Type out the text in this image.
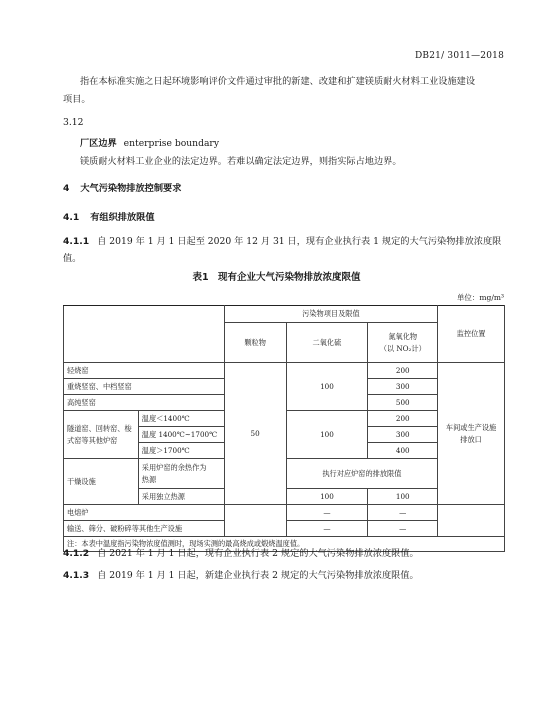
DB21/ 3011—2018
指在本标准实施之日起环境影响评价文件通过审批的新建、改建和扩建镁质耐火材料工业设施建设
项目。
3.12
厂区边界 enterprise boundary
镁质耐火材料工业企业的法定边界。若难以确定法定边界，则指实际占地边界。
4 大气污染物排放控制要求
4.1 有组织排放限值
4.1.1 自 2019 年 1 月 1 日起至 2020 年 12 月 31 日，现有企业执行表 1 规定的大气污染物排放浓度限
值。
表1　现有企业大气污染物排放浓度限值
单位：mg/m³
		污染物项目及限值			监控位置
		颗粒物	二氧化硫	氮氧化物
（以 NO₂计）	

轻烧窑		50	100	200	车间或生产设施
排放口

重烧竖窑、中档竖窑				300	
高纯竖窑				500	
隧道窑、回转窑、梭式窑等其他炉窑	温度＜1400℃		100	200	
	温度 1400℃~1700℃			300	
	温度＞1700℃			400	
干燥设施	采用炉窑的余热作为
热源		执行对应炉窑的排放限值		
	采用独立热源		100	100	
电熔炉			—	—	
输送、筛分、破粉碎等其他生产设施			—	—	
注：本表中温度指污染物浓度值测时，现场实测的最高烧成或煅烧温度值。					
4.1.2 自 2021 年 1 月 1 日起，现有企业执行表 2 规定的大气污染物排放浓度限值。
4.1.3 自 2019 年 1 月 1 日起，新建企业执行表 2 规定的大气污染物排放浓度限值。
